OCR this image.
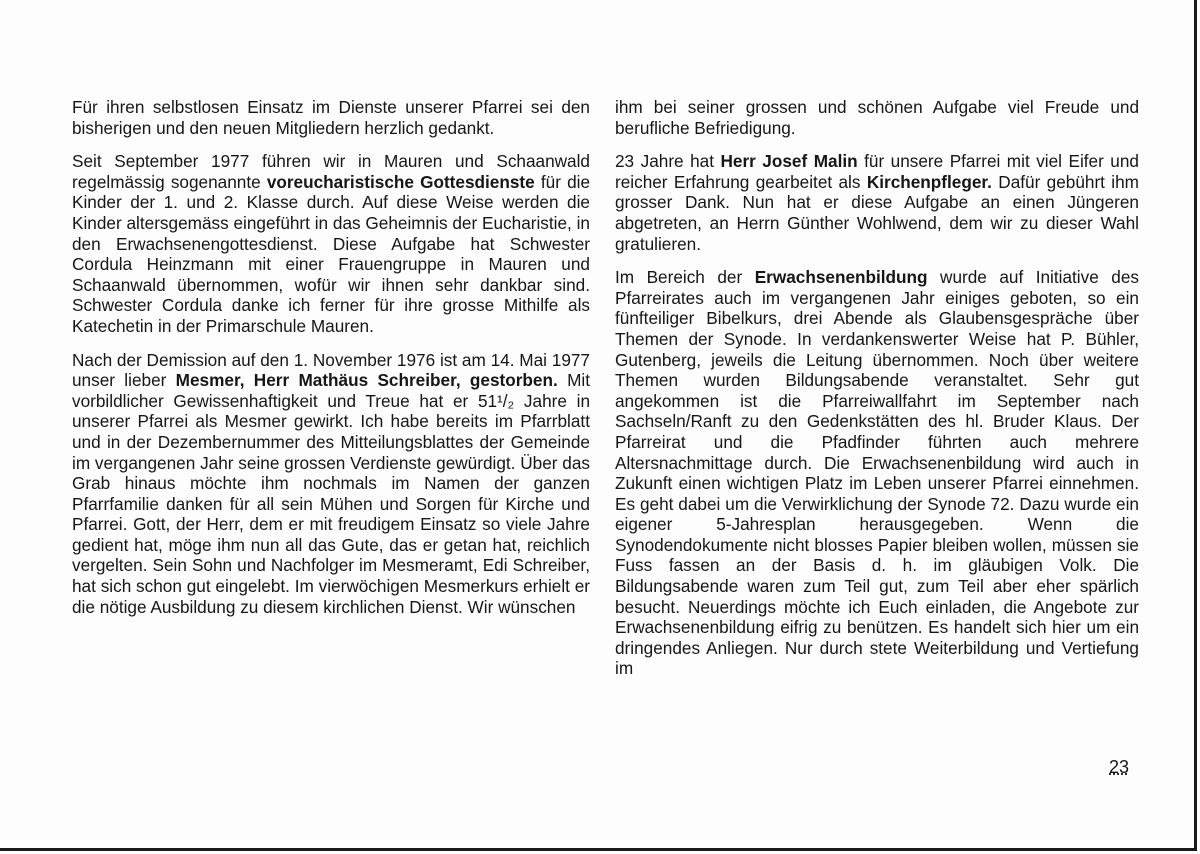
Für ihren selbstlosen Einsatz im Dienste unserer Pfarrei sei den bisherigen und den neuen Mitgliedern herzlich gedankt.

Seit September 1977 führen wir in Mauren und Schaanwald regelmässig sogenannte voreucharistische Gottesdienste für die Kinder der 1. und 2. Klasse durch. Auf diese Weise werden die Kinder altersgemäss eingeführt in das Geheimnis der Eucharistie, in den Erwachsenengottesdienst. Diese Aufgabe hat Schwester Cordula Heinzmann mit einer Frauengruppe in Mauren und Schaanwald übernommen, wofür wir ihnen sehr dankbar sind. Schwester Cordula danke ich ferner für ihre grosse Mithilfe als Katechetin in der Primarschule Mauren.

Nach der Demission auf den 1. November 1976 ist am 14. Mai 1977 unser lieber Mesmer, Herr Mathäus Schreiber, gestorben. Mit vorbildlicher Gewissenhaftigkeit und Treue hat er 51¹/₂ Jahre in unserer Pfarrei als Mesmer gewirkt. Ich habe bereits im Pfarrblatt und in der Dezembernummer des Mitteilungsblattes der Gemeinde im vergangenen Jahr seine grossen Verdienste gewürdigt. Über das Grab hinaus möchte ihm nochmals im Namen der ganzen Pfarrfamilie danken für all sein Mühen und Sorgen für Kirche und Pfarrei. Gott, der Herr, dem er mit freudigem Einsatz so viele Jahre gedient hat, möge ihm nun all das Gute, das er getan hat, reichlich vergelten. Sein Sohn und Nachfolger im Mesmeramt, Edi Schreiber, hat sich schon gut eingelebt. Im vierwöchigen Mesmerkurs erhielt er die nötige Ausbildung zu diesem kirchlichen Dienst. Wir wünschen

ihm bei seiner grossen und schönen Aufgabe viel Freude und berufliche Befriedigung.

23 Jahre hat Herr Josef Malin für unsere Pfarrei mit viel Eifer und reicher Erfahrung gearbeitet als Kirchenpfleger. Dafür gebührt ihm grosser Dank. Nun hat er diese Aufgabe an einen Jüngeren abgetreten, an Herrn Günther Wohlwend, dem wir zu dieser Wahl gratulieren.

Im Bereich der Erwachsenenbildung wurde auf Initiative des Pfarreirates auch im vergangenen Jahr einiges geboten, so ein fünfteiliger Bibelkurs, drei Abende als Glaubensgespräche über Themen der Synode. In verdankenswerter Weise hat P. Bühler, Gutenberg, jeweils die Leitung übernommen. Noch über weitere Themen wurden Bildungsabende veranstaltet. Sehr gut angekommen ist die Pfarreiwallfahrt im September nach Sachseln/Ranft zu den Gedenkstätten des hl. Bruder Klaus. Der Pfarreirat und die Pfadfinder führten auch mehrere Altersnachmittage durch. Die Erwachsenenbildung wird auch in Zukunft einen wichtigen Platz im Leben unserer Pfarrei einnehmen. Es geht dabei um die Verwirklichung der Synode 72. Dazu wurde ein eigener 5-Jahresplan herausgegeben. Wenn die Synodendokumente nicht blosses Papier bleiben wollen, müssen sie Fuss fassen an der Basis d. h. im gläubigen Volk. Die Bildungsabende waren zum Teil gut, zum Teil aber eher spärlich besucht. Neuerdings möchte ich Euch einladen, die Angebote zur Erwachsenenbildung eifrig zu benützen. Es handelt sich hier um ein dringendes Anliegen. Nur durch stete Weiterbildung und Vertiefung im

23
